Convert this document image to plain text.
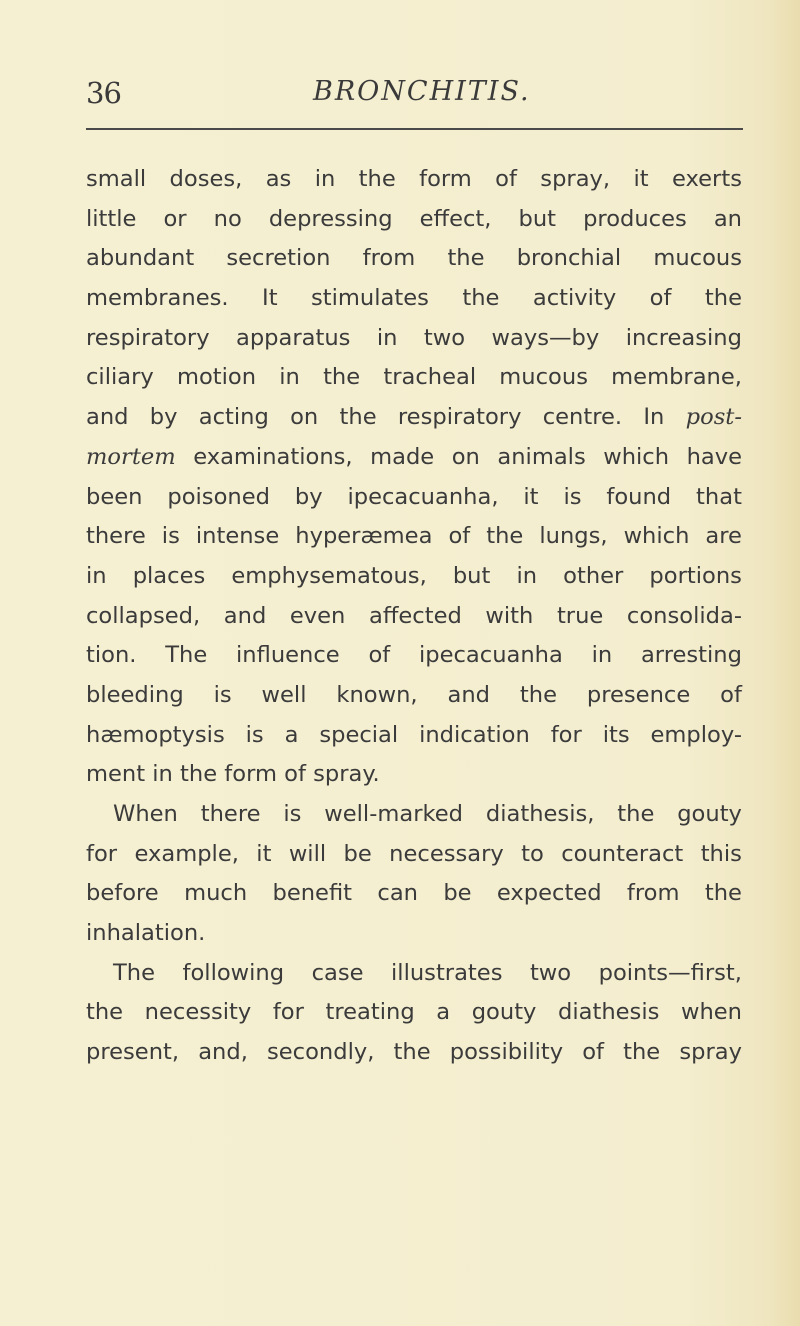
36	BRONCHITIS.
small doses, as in the form of spray, it exerts
little or no depressing effect, but produces an
abundant secretion from the bronchial mucous
membranes. It stimulates the activity of the
respiratory apparatus in two ways—by increasing
ciliary motion in the tracheal mucous membrane,
and by acting on the respiratory centre. In post-
mortem examinations, made on animals which have
been poisoned by ipecacuanha, it is found that
there is intense hyperæmea of the lungs, which are
in places emphysematous, but in other portions
collapsed, and even affected with true consolida-
tion. The influence of ipecacuanha in arresting
bleeding is well known, and the presence of
hæmoptysis is a special indication for its employ-
ment in the form of spray.
When there is well-marked diathesis, the gouty
for example, it will be necessary to counteract this
before much benefit can be expected from the
inhalation.
The following case illustrates two points—first,
the necessity for treating a gouty diathesis when
present, and, secondly, the possibility of the spray
